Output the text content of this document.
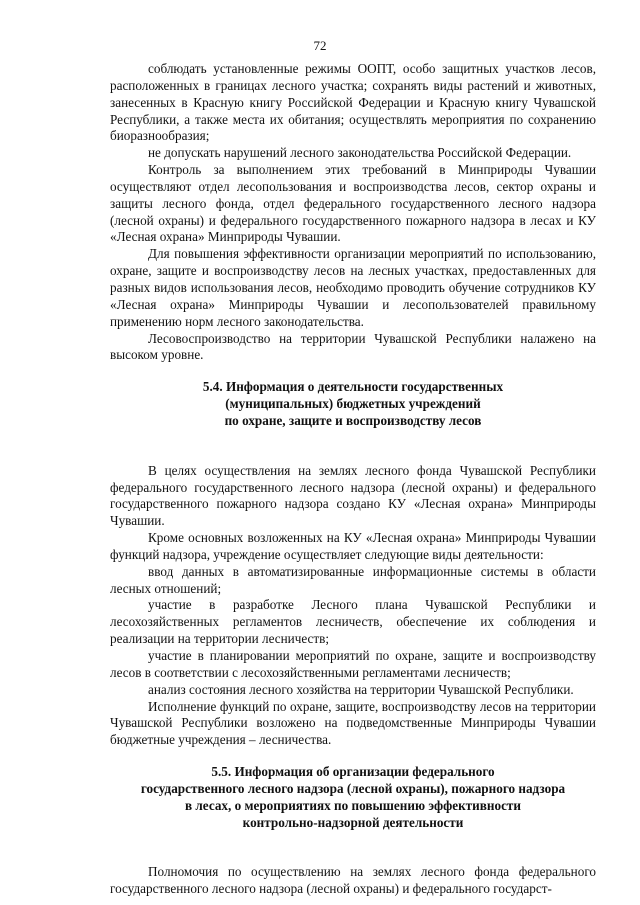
72

соблюдать установленные режимы ООПТ, особо защитных участков лесов, расположенных в границах лесного участка; сохранять виды растений и животных, занесенных в Красную книгу Российской Федерации и Красную книгу Чувашской Республики, а также места их обитания; осуществлять мероприятия по сохранению биоразнообразия;

не допускать нарушений лесного законодательства Российской Федерации.

Контроль за выполнением этих требований в Минприроды Чувашии осуществляют отдел лесопользования и воспроизводства лесов, сектор охраны и защиты лесного фонда, отдел федерального государственного лесного надзора (лесной охраны) и федерального государственного пожарного надзора в лесах и КУ «Лесная охрана» Минприроды Чувашии.

Для повышения эффективности организации мероприятий по использованию, охране, защите и воспроизводству лесов на лесных участках, предоставленных для разных видов использования лесов, необходимо проводить обучение сотрудников КУ «Лесная охрана» Минприроды Чувашии и лесопользователей правильному применению норм лесного законодательства.

Лесовоспроизводство на территории Чувашской Республики налажено на высоком уровне.

5.4. Информация о деятельности государственных
(муниципальных) бюджетных учреждений
по охране, защите и воспроизводству лесов

В целях осуществления на землях лесного фонда Чувашской Республики федерального государственного лесного надзора (лесной охраны) и федерального государственного пожарного надзора создано КУ «Лесная охрана» Минприроды Чувашии.

Кроме основных возложенных на КУ «Лесная охрана» Минприроды Чувашии функций надзора, учреждение осуществляет следующие виды деятельности:

ввод данных в автоматизированные информационные системы в области лесных отношений;

участие в разработке Лесного плана Чувашской Республики и лесохозяйственных регламентов лесничеств, обеспечение их соблюдения и реализации на территории лесничеств;

участие в планировании мероприятий по охране, защите и воспроизводству лесов в соответствии с лесохозяйственными регламентами лесничеств;

анализ состояния лесного хозяйства на территории Чувашской Республики.

Исполнение функций по охране, защите, воспроизводству лесов на территории Чувашской Республики возложено на подведомственные Минприроды Чувашии бюджетные учреждения – лесничества.

5.5. Информация об организации федерального
государственного лесного надзора (лесной охраны), пожарного надзора
в лесах, о мероприятиях по повышению эффективности
контрольно-надзорной деятельности

Полномочия по осуществлению на землях лесного фонда федерального государственного лесного надзора (лесной охраны) и федерального государст-
